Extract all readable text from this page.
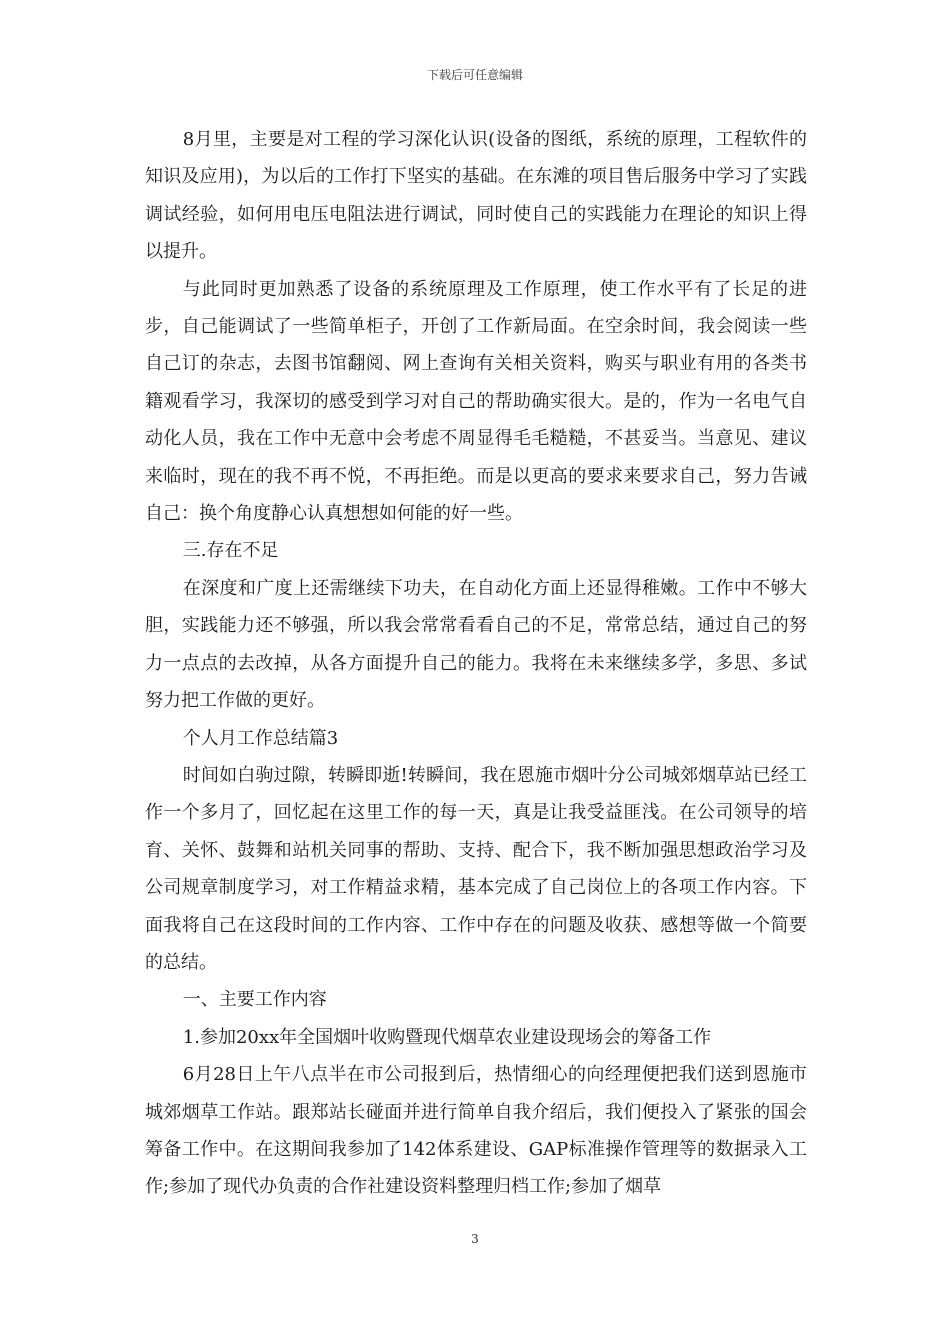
下载后可任意编辑

8月里，主要是对工程的学习深化认识(设备的图纸，系统的原理，工程软件的知识及应用)，为以后的工作打下坚实的基础。在东滩的项目售后服务中学习了实践调试经验，如何用电压电阻法进行调试，同时使自己的实践能力在理论的知识上得以提升。

与此同时更加熟悉了设备的系统原理及工作原理，使工作水平有了长足的进步，自己能调试了一些简单柜子，开创了工作新局面。在空余时间，我会阅读一些自己订的杂志，去图书馆翻阅、网上查询有关相关资料，购买与职业有用的各类书籍观看学习，我深切的感受到学习对自己的帮助确实很大。是的，作为一名电气自动化人员，我在工作中无意中会考虑不周显得毛毛糙糙，不甚妥当。当意见、建议来临时，现在的我不再不悦，不再拒绝。而是以更高的要求来要求自己，努力告诫自己：换个角度静心认真想想如何能的好一些。

三.存在不足

在深度和广度上还需继续下功夫，在自动化方面上还显得稚嫩。工作中不够大胆，实践能力还不够强，所以我会常常看看自己的不足，常常总结，通过自己的努力一点点的去改掉，从各方面提升自己的能力。我将在未来继续多学，多思、多试努力把工作做的更好。

个人月工作总结篇3

时间如白驹过隙，转瞬即逝!转瞬间，我在恩施市烟叶分公司城郊烟草站已经工作一个多月了，回忆起在这里工作的每一天，真是让我受益匪浅。在公司领导的培育、关怀、鼓舞和站机关同事的帮助、支持、配合下，我不断加强思想政治学习及公司规章制度学习，对工作精益求精，基本完成了自己岗位上的各项工作内容。下面我将自己在这段时间的工作内容、工作中存在的问题及收获、感想等做一个简要的总结。

一、主要工作内容

1.参加20xx年全国烟叶收购暨现代烟草农业建设现场会的筹备工作

6月28日上午八点半在市公司报到后，热情细心的向经理便把我们送到恩施市城郊烟草工作站。跟郑站长碰面并进行简单自我介绍后，我们便投入了紧张的国会筹备工作中。在这期间我参加了142体系建设、GAP标准操作管理等的数据录入工作;参加了现代办负责的合作社建设资料整理归档工作;参加了烟草

3
